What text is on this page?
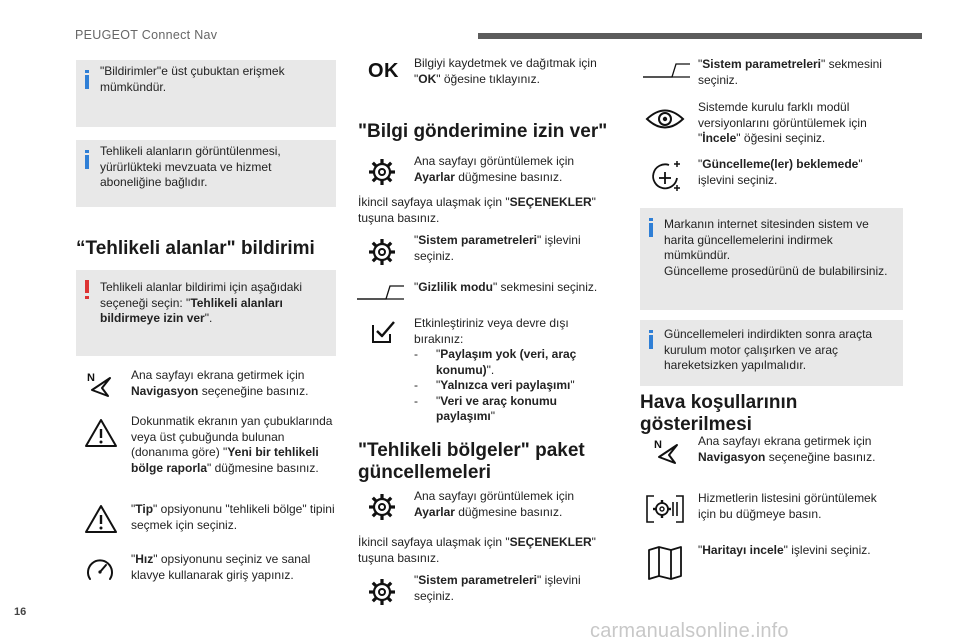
PEUGEOT Connect Nav
16
carmanualsonline.info
"Bildirimler"e üst çubuktan erişmek mümkündür.
Tehlikeli alanların görüntülenmesi, yürürlükteki mevzuata ve hizmet aboneliğine bağlıdır.
“Tehlikeli alanlar" bildirimi
Tehlikeli alanlar bildirimi için aşağıdaki seçeneği seçin: "Tehlikeli alanları bildirmeye izin ver".
N	Ana sayfayı ekrana getirmek için Navigasyon seçeneğine basınız.
Dokunmatik ekranın yan çubuklarında veya üst çubuğunda bulunan (donanıma göre) "Yeni bir tehlikeli bölge raporla" düğmesine basınız.
"Tip" opsiyonunu "tehlikeli bölge" tipini seçmek için seçiniz.
"Hız" opsiyonunu seçiniz ve sanal klavye kullanarak giriş yapınız.
OK Bilgiyi kaydetmek ve dağıtmak için "OK" öğesine tıklayınız.
"Bilgi gönderimine izin ver"
Ana sayfayı görüntülemek için Ayarlar düğmesine basınız.
İkincil sayfaya ulaşmak için "SEÇENEKLER" tuşuna basınız.
"Sistem parametreleri" işlevini seçiniz.
"Gizlilik modu" sekmesini seçiniz.
Etkinleştiriniz veya devre dışı bırakınız:
- "Paylaşım yok (veri, araç konumu)".
- "Yalnızca veri paylaşımı"
- "Veri ve araç konumu paylaşımı"
"Tehlikeli bölgeler" paket güncellemeleri
Ana sayfayı görüntülemek için Ayarlar düğmesine basınız.
İkincil sayfaya ulaşmak için "SEÇENEKLER" tuşuna basınız.
"Sistem parametreleri" işlevini seçiniz.
"Sistem parametreleri" sekmesini seçiniz.
Sistemde kurulu farklı modül versiyonlarını görüntülemek için "İncele" öğesini seçiniz.
"Güncelleme(ler) beklemede" işlevini seçiniz.
Markanın internet sitesinden sistem ve harita güncellemelerini indirmek mümkündür.
Güncelleme prosedürünü de bulabilirsiniz.
Güncellemeleri indirdikten sonra araçta kurulum motor çalışırken ve araç hareketsizken yapılmalıdır.
Hava koşullarının gösterilmesi
N	Ana sayfayı ekrana getirmek için Navigasyon seçeneğine basınız.
Hizmetlerin listesini görüntülemek için bu düğmeye basın.
"Haritayı incele" işlevini seçiniz.
